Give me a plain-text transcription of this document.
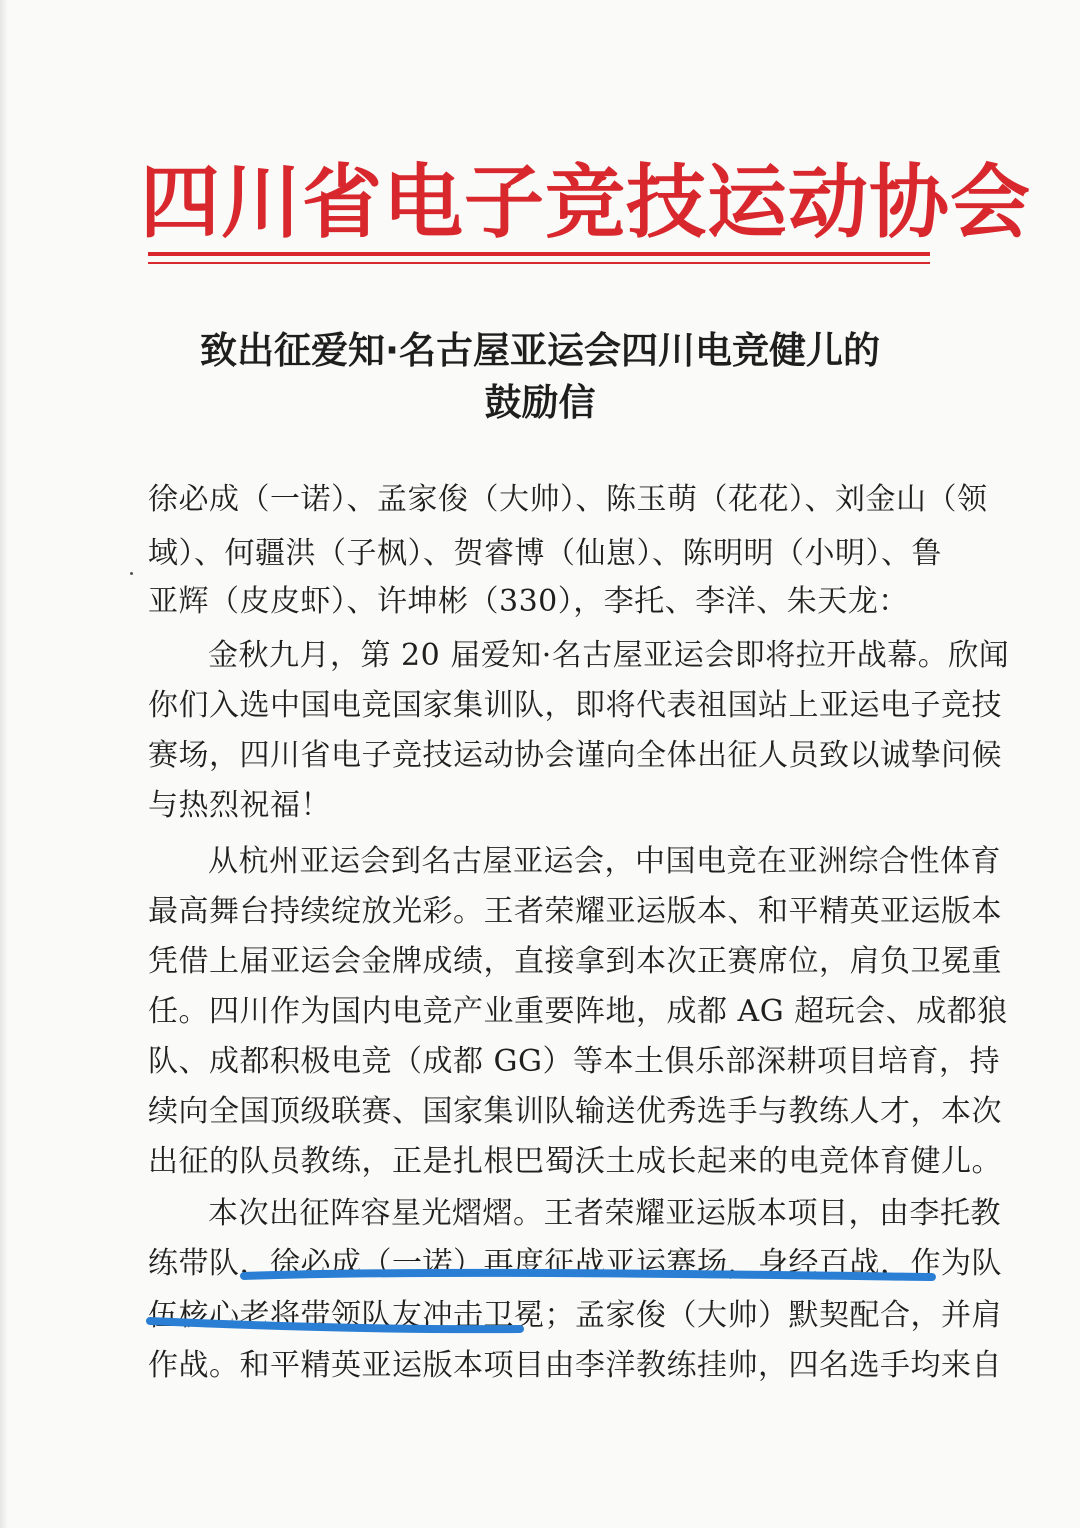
四川省电子竞技运动协会
致出征爱知·名古屋亚运会四川电竞健儿的
鼓励信
徐必成（一诺）、孟家俊（大帅）、陈玉萌（花花）、刘金山（领
域）、何疆洪（子枫）、贺睿博（仙崽）、陈明明（小明）、鲁
亚辉（皮皮虾）、许坤彬（330），李托、李洋、朱天龙：
金秋九月，第 20 届爱知·名古屋亚运会即将拉开战幕。欣闻
你们入选中国电竞国家集训队，即将代表祖国站上亚运电子竞技
赛场，四川省电子竞技运动协会谨向全体出征人员致以诚挚问候
与热烈祝福！
从杭州亚运会到名古屋亚运会，中国电竞在亚洲综合性体育
最高舞台持续绽放光彩。王者荣耀亚运版本、和平精英亚运版本
凭借上届亚运会金牌成绩，直接拿到本次正赛席位，肩负卫冕重
任。四川作为国内电竞产业重要阵地，成都 AG 超玩会、成都狼
队、成都积极电竞（成都 GG）等本土俱乐部深耕项目培育，持
续向全国顶级联赛、国家集训队输送优秀选手与教练人才，本次
出征的队员教练，正是扎根巴蜀沃土成长起来的电竞体育健儿。
本次出征阵容星光熠熠。王者荣耀亚运版本项目，由李托教
练带队，徐必成（一诺）再度征战亚运赛场，身经百战，作为队
伍核心老将带领队友冲击卫冕；孟家俊（大帅）默契配合，并肩
作战。和平精英亚运版本项目由李洋教练挂帅，四名选手均来自
